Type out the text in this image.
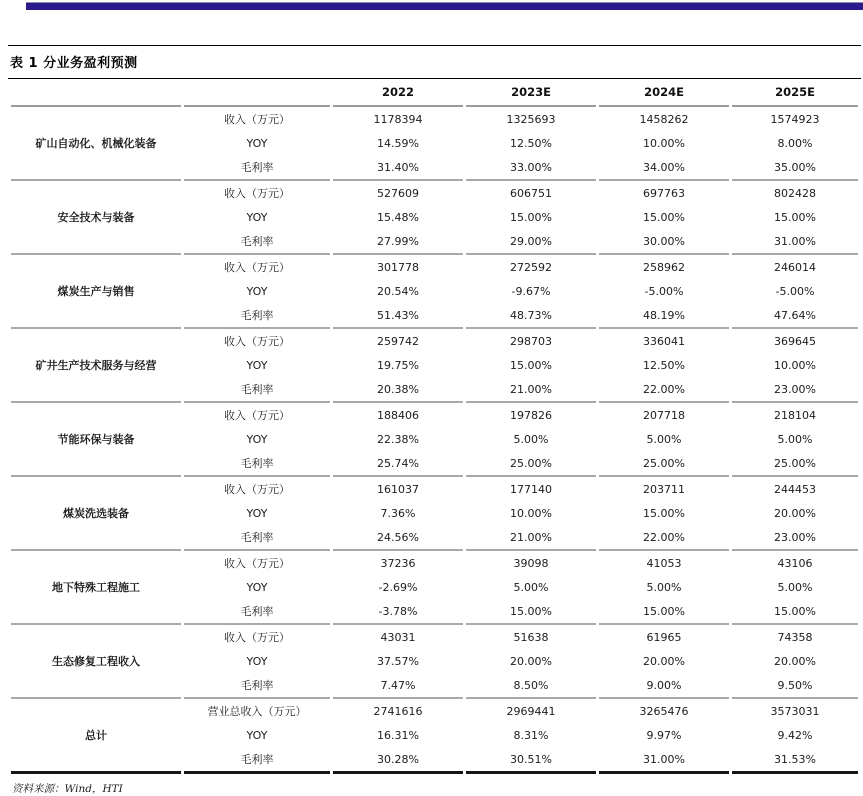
表 1 分业务盈利预测
		2022	2023E	2024E	2025E
矿山自动化、机械化装备	收入（万元）	1178394	1325693	1458262	1574923
	YOY	14.59%	12.50%	10.00%	8.00%
	毛利率	31.40%	33.00%	34.00%	35.00%
安全技术与装备	收入（万元）	527609	606751	697763	802428
	YOY	15.48%	15.00%	15.00%	15.00%
	毛利率	27.99%	29.00%	30.00%	31.00%
煤炭生产与销售	收入（万元）	301778	272592	258962	246014
	YOY	20.54%	-9.67%	-5.00%	-5.00%
	毛利率	51.43%	48.73%	48.19%	47.64%
矿井生产技术服务与经营	收入（万元）	259742	298703	336041	369645
	YOY	19.75%	15.00%	12.50%	10.00%
	毛利率	20.38%	21.00%	22.00%	23.00%
节能环保与装备	收入（万元）	188406	197826	207718	218104
	YOY	22.38%	5.00%	5.00%	5.00%
	毛利率	25.74%	25.00%	25.00%	25.00%
煤炭洗选装备	收入（万元）	161037	177140	203711	244453
	YOY	7.36%	10.00%	15.00%	20.00%
	毛利率	24.56%	21.00%	22.00%	23.00%
地下特殊工程施工	收入（万元）	37236	39098	41053	43106
	YOY	-2.69%	5.00%	5.00%	5.00%
	毛利率	-3.78%	15.00%	15.00%	15.00%
生态修复工程收入	收入（万元）	43031	51638	61965	74358
	YOY	37.57%	20.00%	20.00%	20.00%
	毛利率	7.47%	8.50%	9.00%	9.50%
总计	营业总收入（万元）	2741616	2969441	3265476	3573031
	YOY	16.31%	8.31%	9.97%	9.42%
	毛利率	30.28%	30.51%	31.00%	31.53%
资料来源：Wind，HTI
